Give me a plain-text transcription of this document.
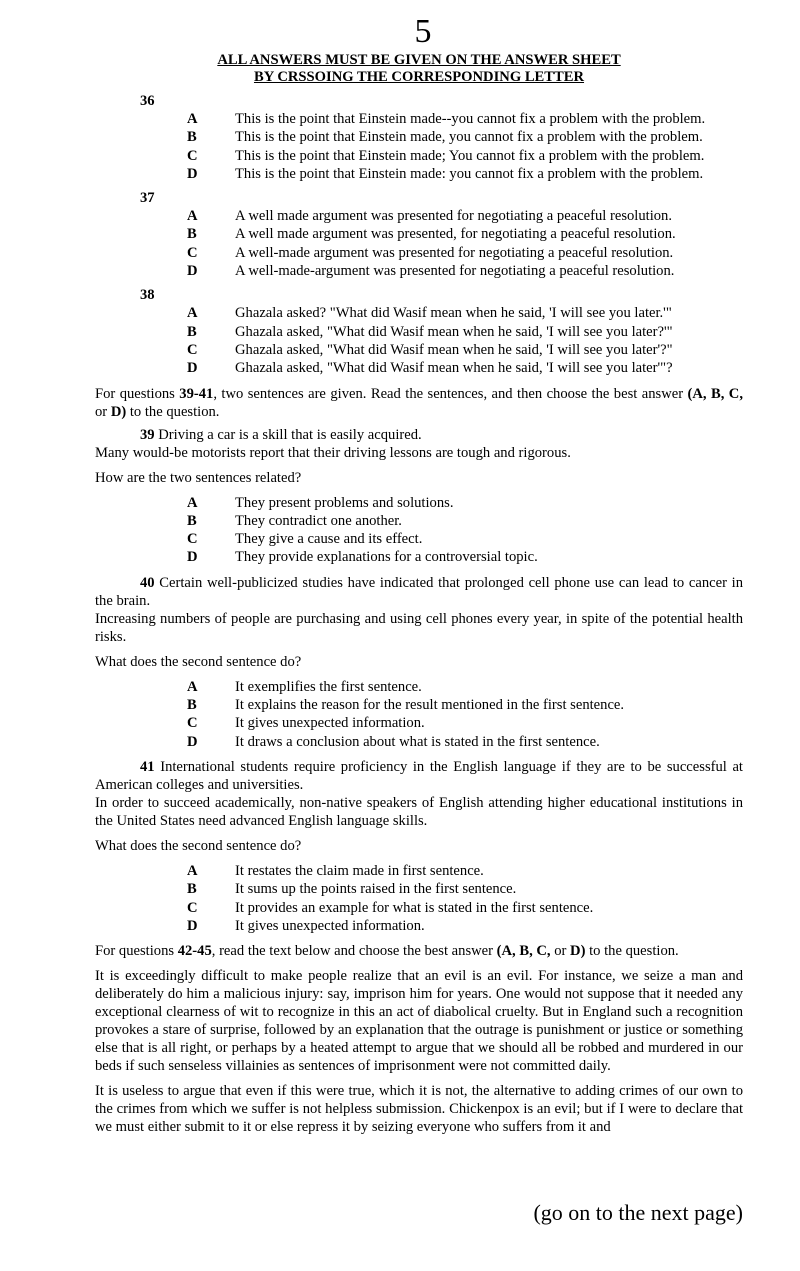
5
ALL ANSWERS MUST BE GIVEN ON THE ANSWER SHEET
BY CRSSOING THE CORRESPONDING LETTER
36
A	This is the point that Einstein made--you cannot fix a problem with the problem.
B	This is the point that Einstein made, you cannot fix a problem with the problem.
C	This is the point that Einstein made; You cannot fix a problem with the problem.
D	This is the point that Einstein made: you cannot fix a problem with the problem.
37
A	A well made argument was presented for negotiating a peaceful resolution.
B	A well made argument was presented, for negotiating a peaceful resolution.
C	A well-made argument was presented for negotiating a peaceful resolution.
D	A well-made-argument was presented for negotiating a peaceful resolution.
38
A	Ghazala asked? "What did Wasif mean when he said, 'I will see you later.'"
B	Ghazala asked, "What did Wasif mean when he said, 'I will see you later?'"
C	Ghazala asked, "What did Wasif mean when he said, 'I will see you later'?"
D	Ghazala asked, "What did Wasif mean when he said, 'I will see you later'"?
For questions 39-41, two sentences are given. Read the sentences, and then choose the best answer (A, B, C, or D) to the question.
39 Driving a car is a skill that is easily acquired.
Many would-be motorists report that their driving lessons are tough and rigorous.
How are the two sentences related?
A	They present problems and solutions.
B	They contradict one another.
C	They give a cause and its effect.
D	They provide explanations for a controversial topic.
40 Certain well-publicized studies have indicated that prolonged cell phone use can lead to cancer in the brain.
Increasing numbers of people are purchasing and using cell phones every year, in spite of the potential health risks.
What does the second sentence do?
A	It exemplifies the first sentence.
B	It explains the reason for the result mentioned in the first sentence.
C	It gives unexpected information.
D	It draws a conclusion about what is stated in the first sentence.
41 International students require proficiency in the English language if they are to be successful at American colleges and universities.
In order to succeed academically, non-native speakers of English attending higher educational institutions in the United States need advanced English language skills.
What does the second sentence do?
A	It restates the claim made in first sentence.
B	It sums up the points raised in the first sentence.
C	It provides an example for what is stated in the first sentence.
D	It gives unexpected information.
For questions 42-45, read the text below and choose the best answer (A, B, C, or D) to the question.
It is exceedingly difficult to make people realize that an evil is an evil. For instance, we seize a man and deliberately do him a malicious injury: say, imprison him for years. One would not suppose that it needed any exceptional clearness of wit to recognize in this an act of diabolical cruelty. But in England such a recognition provokes a stare of surprise, followed by an explanation that the outrage is punishment or justice or something else that is all right, or perhaps by a heated attempt to argue that we should all be robbed and murdered in our beds if such senseless villainies as sentences of imprisonment were not committed daily.
It is useless to argue that even if this were true, which it is not, the alternative to adding crimes of our own to the crimes from which we suffer is not helpless submission. Chickenpox is an evil; but if I were to declare that we must either submit to it or else repress it by seizing everyone who suffers from it and
(go on to the next page)
